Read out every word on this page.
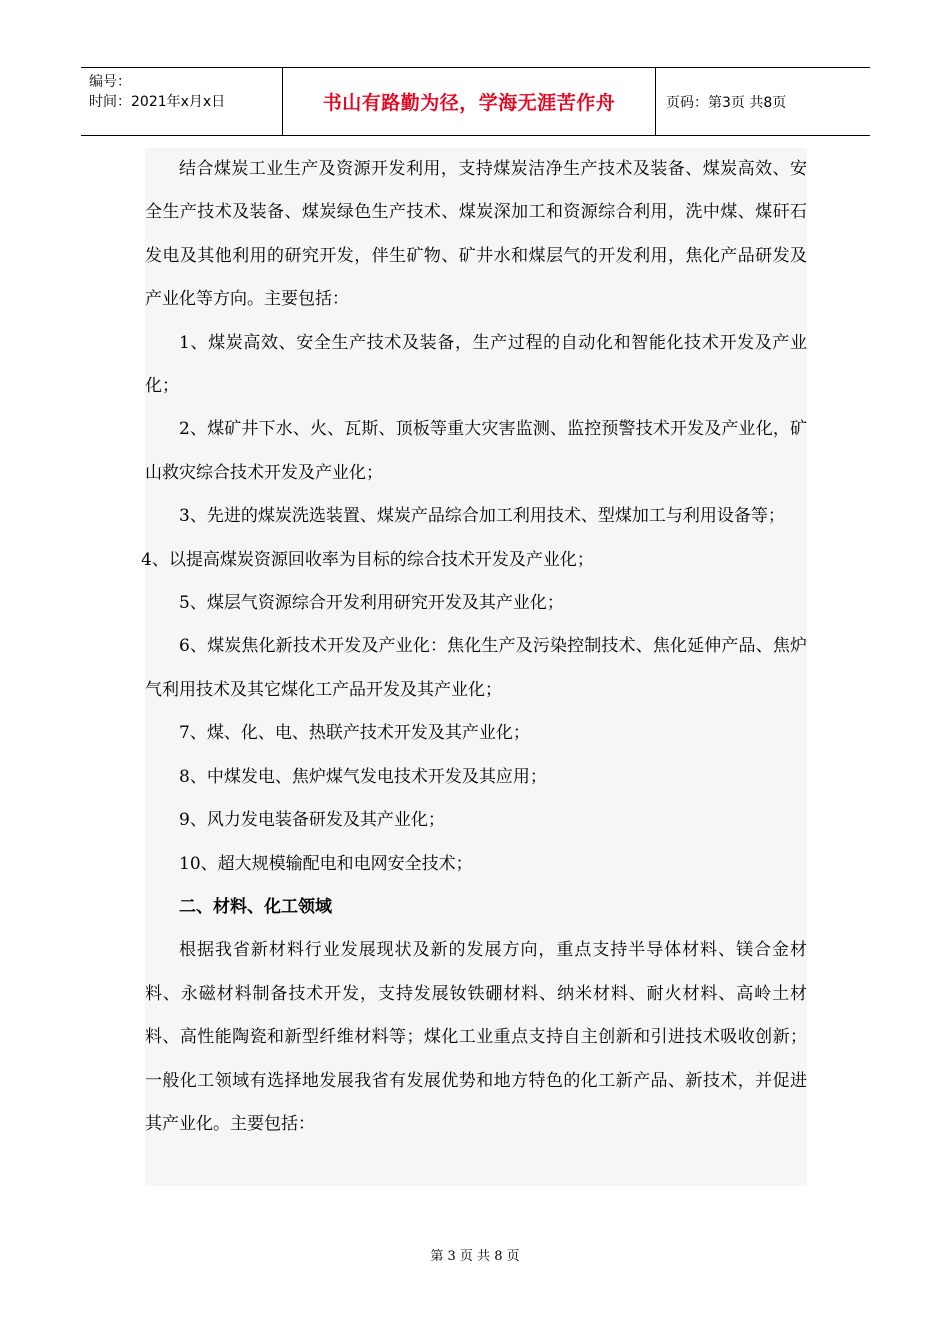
编号：
时间：2021年x月x日	书山有路勤为径，学海无涯苦作舟	页码：第3页 共8页

结合煤炭工业生产及资源开发利用，支持煤炭洁净生产技术及装备、煤炭高效、安全生产技术及装备、煤炭绿色生产技术、煤炭深加工和资源综合利用，洗中煤、煤矸石发电及其他利用的研究开发，伴生矿物、矿井水和煤层气的开发利用，焦化产品研发及产业化等方向。主要包括：

1、煤炭高效、安全生产技术及装备，生产过程的自动化和智能化技术开发及产业化；

2、煤矿井下水、火、瓦斯、顶板等重大灾害监测、监控预警技术开发及产业化，矿山救灾综合技术开发及产业化；

3、先进的煤炭洗选装置、煤炭产品综合加工利用技术、型煤加工与利用设备等；

4、以提高煤炭资源回收率为目标的综合技术开发及产业化；

5、煤层气资源综合开发利用研究开发及其产业化；

6、煤炭焦化新技术开发及产业化：焦化生产及污染控制技术、焦化延伸产品、焦炉气利用技术及其它煤化工产品开发及其产业化；

7、煤、化、电、热联产技术开发及其产业化；

8、中煤发电、焦炉煤气发电技术开发及其应用；

9、风力发电装备研发及其产业化；

10、超大规模输配电和电网安全技术；

二、材料、化工领域

根据我省新材料行业发展现状及新的发展方向，重点支持半导体材料、镁合金材料、永磁材料制备技术开发，支持发展钕铁硼材料、纳米材料、耐火材料、高岭土材料、高性能陶瓷和新型纤维材料等；煤化工业重点支持自主创新和引进技术吸收创新；一般化工领域有选择地发展我省有发展优势和地方特色的化工新产品、新技术，并促进其产业化。主要包括：

第 3 页 共 8 页
